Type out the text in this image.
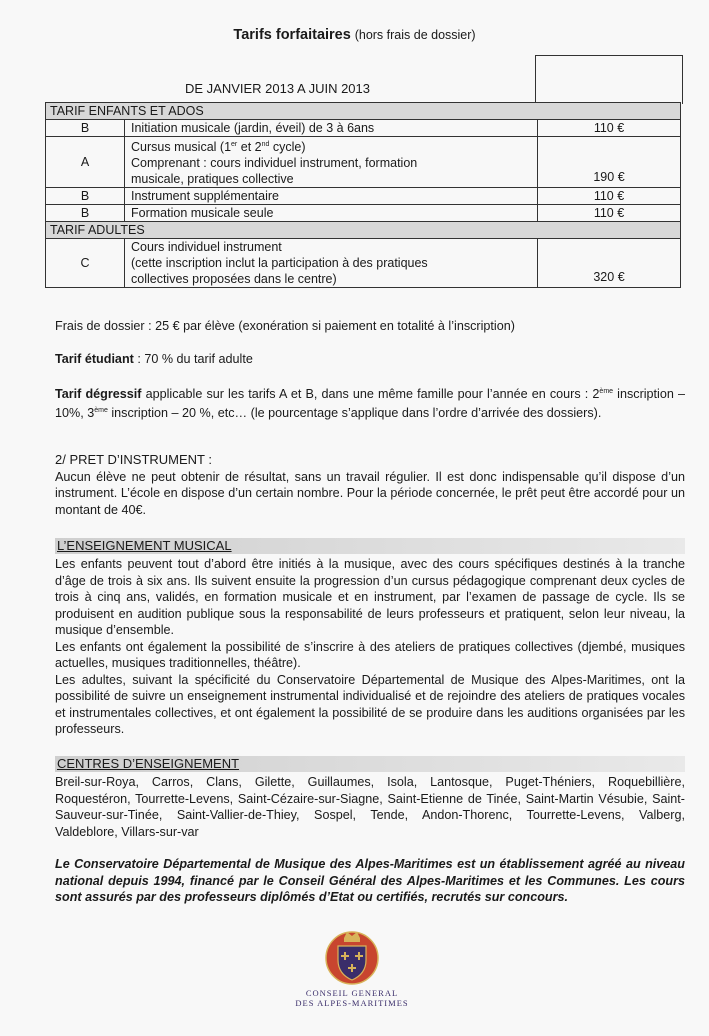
Tarifs forfaitaires (hors frais de dossier)
DE JANVIER 2013 A JUIN 2013
TARIF ENFANTS ET ADOS		
B	Initiation musicale (jardin, éveil) de 3 à 6ans	110 €
A	Cursus musical (1er et 2nd cycle)
Comprenant : cours individuel instrument, formation
musicale, pratiques collective	190 €
B	Instrument supplémentaire	110 €
B	Formation musicale seule	110 €
TARIF ADULTES		
C	Cours individuel instrument
(cette inscription inclut la participation à des pratiques
collectives proposées dans le centre)	320 €
Frais de dossier : 25 € par élève (exonération si paiement en totalité à l’inscription)
Tarif étudiant : 70 % du tarif adulte
Tarif dégressif applicable sur les tarifs A et B, dans une même famille pour l’année en cours : 2ème inscription – 10%, 3ème inscription – 20 %, etc… (le pourcentage s’applique dans l’ordre d’arrivée des dossiers).
2/ PRET D’INSTRUMENT :

Aucun élève ne peut obtenir de résultat, sans un travail régulier. Il est donc indispensable qu’il dispose d’un instrument. L’école en dispose d’un certain nombre. Pour la période concernée, le prêt peut être accordé pour un montant de 40€.

L’ENSEIGNEMENT MUSICAL

Les enfants peuvent tout d’abord être initiés à la musique, avec des cours spécifiques destinés à la tranche d’âge de trois à six ans. Ils suivent ensuite la progression d’un cursus pédagogique comprenant deux cycles de trois à cinq ans, validés, en formation musicale et en instrument, par l’examen de passage de cycle. Ils se produisent en audition publique sous la responsabilité de leurs professeurs et pratiquent, selon leur niveau, la musique d’ensemble.

Les enfants ont également la possibilité de s’inscrire à des ateliers de pratiques collectives (djembé, musiques actuelles, musiques traditionnelles, théâtre).

Les adultes, suivant la spécificité du Conservatoire Départemental de Musique des Alpes-Maritimes, ont la possibilité de suivre un enseignement instrumental individualisé et de rejoindre des ateliers de pratiques vocales et instrumentales collectives, et ont également la possibilité de se produire dans les auditions organisées par les professeurs.

CENTRES D’ENSEIGNEMENT

Breil-sur-Roya, Carros, Clans, Gilette, Guillaumes, Isola, Lantosque, Puget-Théniers, Roquebillière, Roquestéron, Tourrette-Levens, Saint-Cézaire-sur-Siagne, Saint-Etienne de Tinée, Saint-Martin Vésubie, Saint-Sauveur-sur-Tinée, Saint-Vallier-de-Thiey, Sospel, Tende, Andon-Thorenc, Tourrette-Levens, Valberg, Valdeblore, Villars-sur-var

Le Conservatoire Départemental de Musique des Alpes-Maritimes est un établissement agréé au niveau national depuis 1994, financé par le Conseil Général des Alpes-Maritimes et les Communes. Les cours sont assurés par des professeurs diplômés d’Etat ou certifiés, recrutés sur concours.
CONSEIL GENERAL
DES ALPES-MARITIMES
